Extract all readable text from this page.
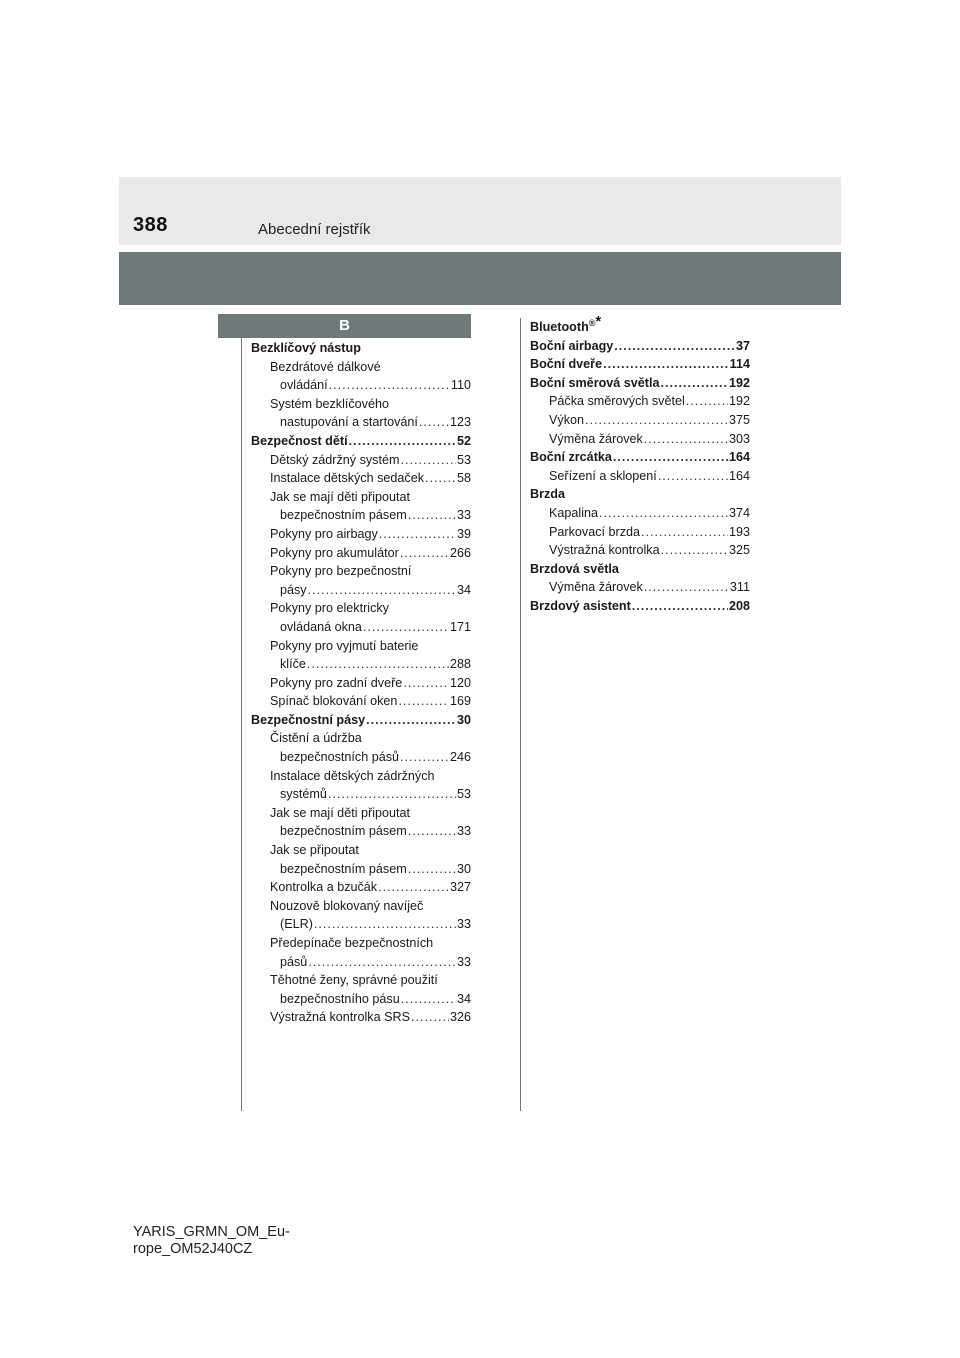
388	Abecední rejstřík
B
Bezklíčový nástup
Bezdrátové dálkové
ovládání .....	110
Systém bezklíčového
nastupování a startování .....	123
Bezpečnost dětí .....	52
Dětský zádržný systém .....	53
Instalace dětských sedaček .....	58
Jak se mají děti připoutat
bezpečnostním pásem .....	33
Pokyny pro airbagy .....	39
Pokyny pro akumulátor .....	266
Pokyny pro bezpečnostní
pásy .....	34
Pokyny pro elektricky
ovládaná okna .....	171
Pokyny pro vyjmutí baterie
klíče .....	288
Pokyny pro zadní dveře .....	120
Spínač blokování oken .....	169
Bezpečnostní pásy .....	30
Čistění a údržba
bezpečnostních pásů .....	246
Instalace dětských zádržných
systémů .....	53
Jak se mají děti připoutat
bezpečnostním pásem .....	33
Jak se připoutat
bezpečnostním pásem .....	30
Kontrolka a bzučák .....	327
Nouzově blokovaný navíječ
(ELR) .....	33
Předepínače bezpečnostních
pásů .....	33
Těhotné ženy, správné použití
bezpečnostního pásu .....	34
Výstražná kontrolka SRS .....	326
Bluetooth®*
Boční airbagy .....	37
Boční dveře .....	114
Boční směrová světla .....	192
Páčka směrových světel .....	192
Výkon .....	375
Výměna žárovek .....	303
Boční zrcátka .....	164
Seřízení a sklopení .....	164
Brzda
Kapalina .....	374
Parkovací brzda .....	193
Výstražná kontrolka .....	325
Brzdová světla
Výměna žárovek .....	311
Brzdový asistent .....	208
YARIS_GRMN_OM_Eu-
rope_OM52J40CZ
